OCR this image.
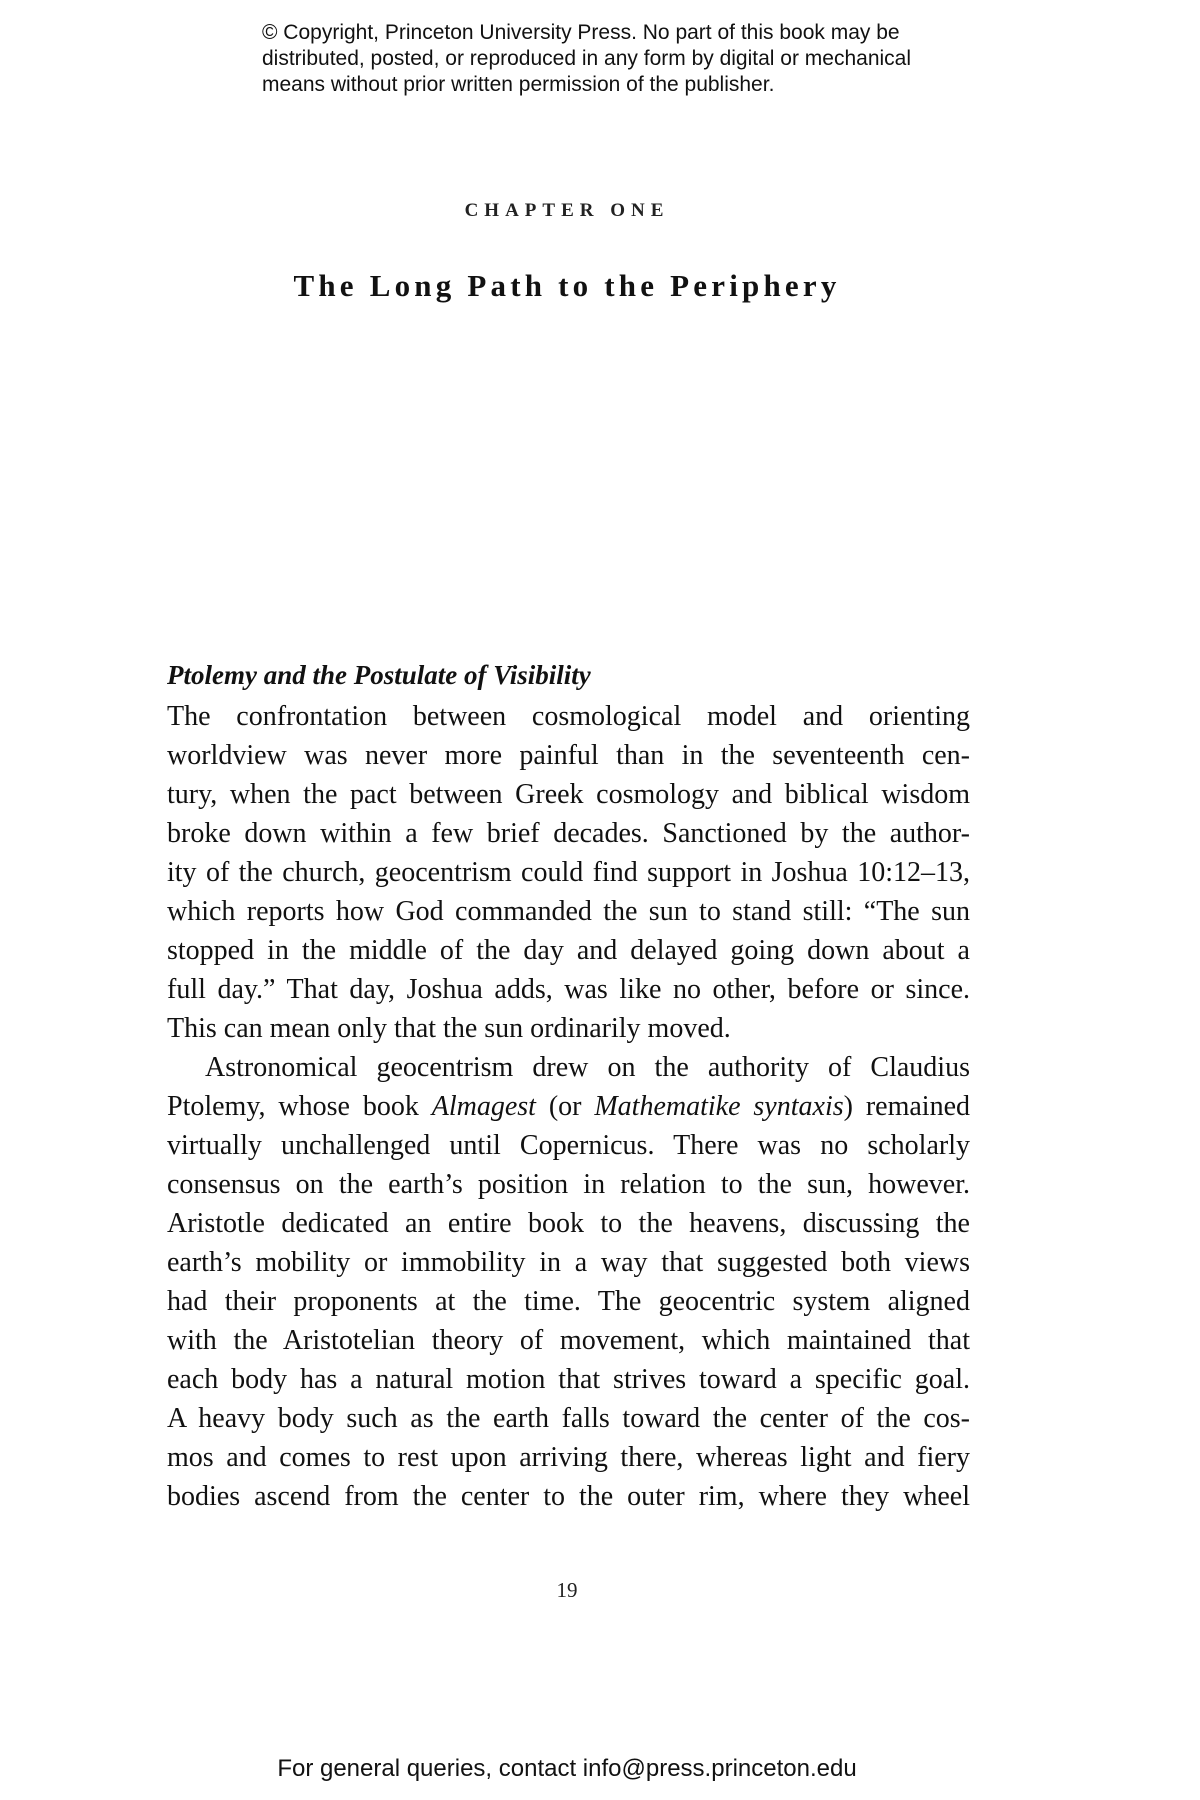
© Copyright, Princeton University Press. No part of this book may be
distributed, posted, or reproduced in any form by digital or mechanical
means without prior written permission of the publisher.
CHAPTER ONE
The Long Path to the Periphery
Ptolemy and the Postulate of Visibility
The confrontation between cosmological model and orienting
worldview was never more painful than in the seventeenth cen-
tury, when the pact between Greek cosmology and biblical wisdom
broke down within a few brief decades. Sanctioned by the author-
ity of the church, geocentrism could find support in Joshua 10:12–13,
which reports how God commanded the sun to stand still: “The sun
stopped in the middle of the day and delayed going down about a
full day.” That day, Joshua adds, was like no other, before or since.
This can mean only that the sun ordinarily moved.
Astronomical geocentrism drew on the authority of Claudius
Ptolemy, whose book Almagest (or Mathematike syntaxis) remained
virtually unchallenged until Copernicus. There was no scholarly
consensus on the earth’s position in relation to the sun, however.
Aristotle dedicated an entire book to the heavens, discussing the
earth’s mobility or immobility in a way that suggested both views
had their proponents at the time. The geocentric system aligned
with the Aristotelian theory of movement, which maintained that
each body has a natural motion that strives toward a specific goal.
A heavy body such as the earth falls toward the center of the cos-
mos and comes to rest upon arriving there, whereas light and fiery
bodies ascend from the center to the outer rim, where they wheel
19
For general queries, contact info@press.princeton.edu
